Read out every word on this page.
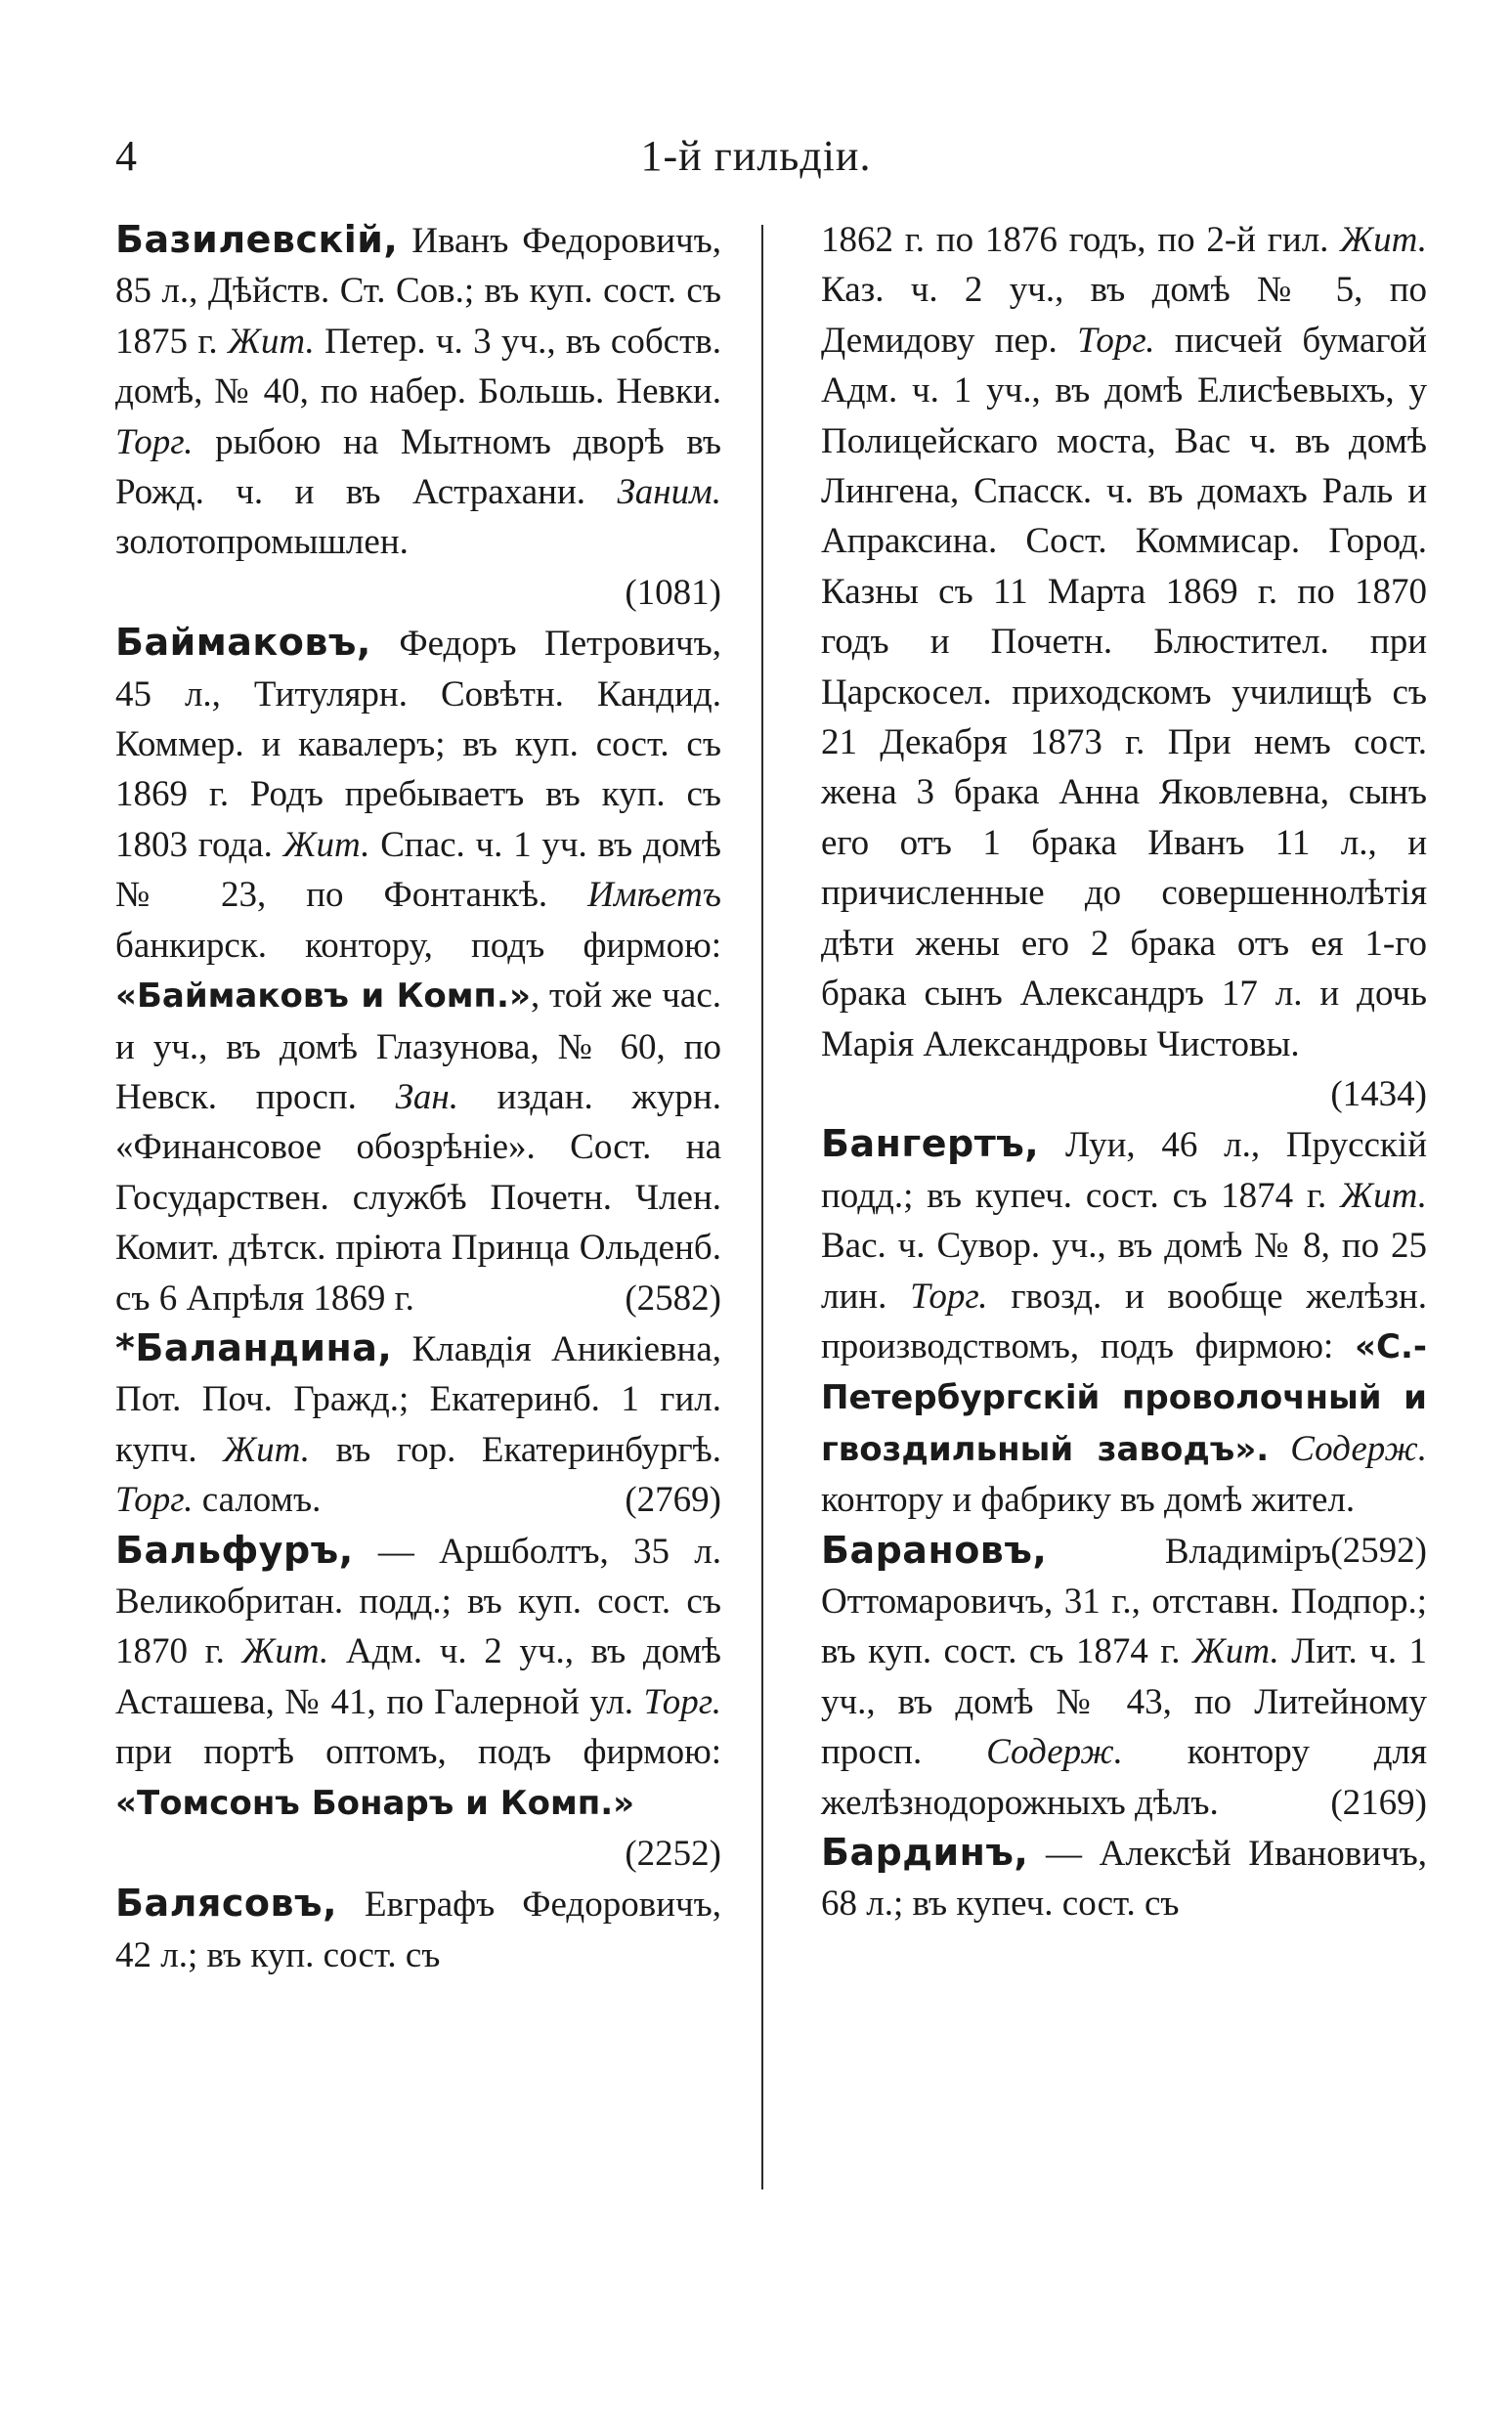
4	1-й гильдіи.

Базилевскій, Иванъ Федоровичъ, 85 л., Дѣйств. Ст. Сов.; въ куп. сост. съ 1875 г. Жит. Петер. ч. 3 уч., въ собств. домѣ, № 40, по набер. Большь. Невки. Торг. рыбою на Мытномъ дворѣ въ Рожд. ч. и въ Астрахани. Заним. золотопромышлен.
(1081)

Баймаковъ, Федоръ Петровичъ, 45 л., Титулярн. Совѣтн. Кандид. Коммер. и кавалеръ; въ куп. сост. съ 1869 г. Родъ пребываетъ въ куп. съ 1803 года. Жит. Спас. ч. 1 уч. въ домѣ № 23, по Фонтанкѣ. Имѣетъ банкирск. контору, подъ фирмою: «Баймаковъ и Комп.», той же час. и уч., въ домѣ Глазунова, № 60, по Невск. просп. Зан. издан. журн. «Финансовое обозрѣніе». Сост. на Государствен. службѣ Почетн. Член. Комит. дѣтск. пріюта Принца Ольденб. съ 6 Апрѣля 1869 г.	(2582)

*Баландина, Клавдія Аникіевна, Пот. Поч. Гражд.; Екатеринб. 1 гил. купч. Жит. въ гор. Екатеринбургѣ. Торг. саломъ.	(2769)

Бальфуръ, — Аршболтъ, 35 л. Великобритан. подд.; въ куп. сост. съ 1870 г. Жит. Адм. ч. 2 уч., въ домѣ Асташева, № 41, по Галерной ул. Торг. при портѣ оптомъ, подъ фирмою: «Томсонъ Бонаръ и Комп.»
(2252)

Балясовъ, Евграфъ Федоровичъ, 42 л.; въ куп. сост. съ

1862 г. по 1876 годъ, по 2-й гил. Жит. Каз. ч. 2 уч., въ домѣ № 5, по Демидову пер. Торг. писчей бумагой Адм. ч. 1 уч., въ домѣ Елисѣевыхъ, у Полицейскаго моста, Вас ч. въ домѣ Лингена, Спасск. ч. въ домахъ Раль и Апраксина. Сост. Коммисар. Город. Казны съ 11 Марта 1869 г. по 1870 годъ и Почетн. Блюстител. при Царскосел. приходскомъ училищѣ съ 21 Декабря 1873 г. При немъ сост. жена 3 брака Анна Яковлевна, сынъ его отъ 1 брака Иванъ 11 л., и причисленные до совершеннолѣтія дѣти жены его 2 брака отъ ея 1-го брака сынъ Александръ 17 л. и дочь Марія Александровы Чистовы.
(1434)

Бангертъ, Луи, 46 л., Прусскій подд.; въ купеч. сост. съ 1874 г. Жит. Вас. ч. Сувор. уч., въ домѣ № 8, по 25 лин. Торг. гвозд. и вообще желѣзн. производствомъ, подъ фирмою: «С.-Петербургскій проволочный и гвоздильный заводъ». Содерж. контору и фабрику въ домѣ жител.
(2592)

Барановъ, Владиміръ Оттомаровичъ, 31 г., отставн. Подпор.; въ куп. сост. съ 1874 г. Жит. Лит. ч. 1 уч., въ домѣ № 43, по Литейному просп. Содерж. контору для желѣзнодорожныхъ дѣлъ.	(2169)

Бардинъ, — Алексѣй Ивановичъ, 68 л.; въ купеч. сост. съ
